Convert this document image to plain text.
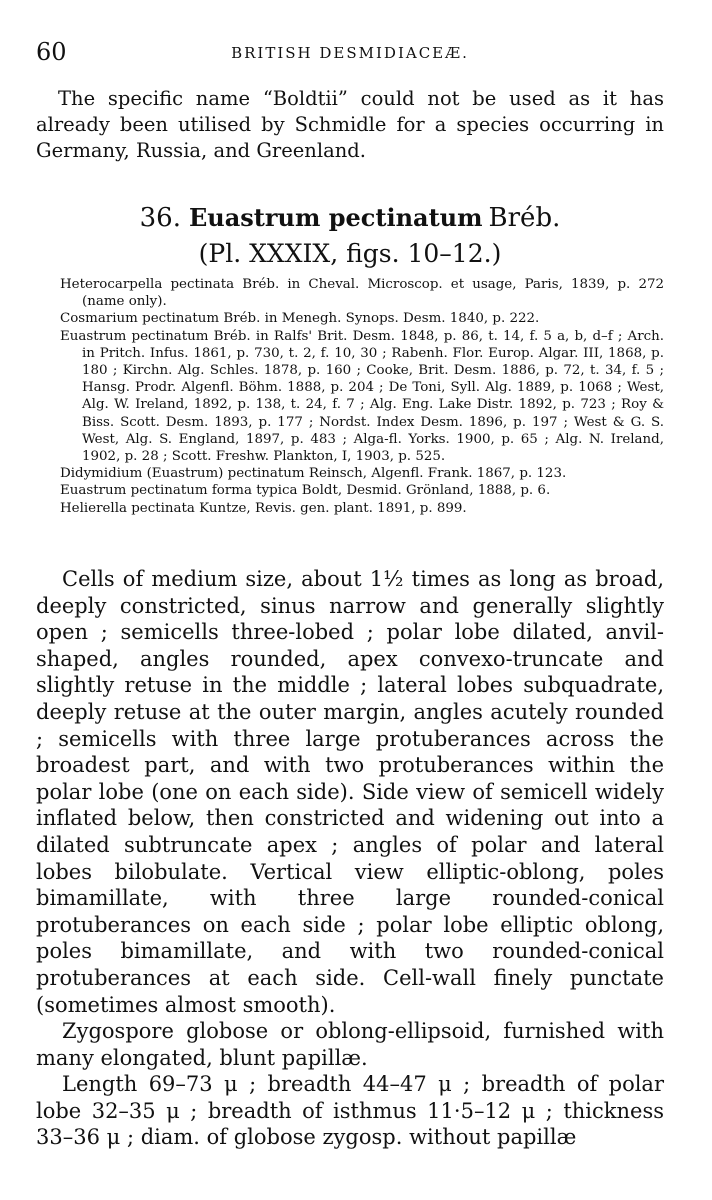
60	BRITISH DESMIDIACEÆ.

The specific name “Boldtii” could not be used as it has already been utilised by Schmidle for a species occurring in Germany, Russia, and Greenland.

36. Euastrum pectinatum Bréb.
(Pl. XXXIX, figs. 10–12.)
Heterocarpella pectinata Bréb. in Cheval. Microscop. et usage, Paris, 1839, p. 272 (name only).
Cosmarium pectinatum Bréb. in Menegh. Synops. Desm. 1840, p. 222.
Euastrum pectinatum Bréb. in Ralfs' Brit. Desm. 1848, p. 86, t. 14, f. 5 a, b, d–f ; Arch. in Pritch. Infus. 1861, p. 730, t. 2, f. 10, 30 ; Rabenh. Flor. Europ. Algar. III, 1868, p. 180 ; Kirchn. Alg. Schles. 1878, p. 160 ; Cooke, Brit. Desm. 1886, p. 72, t. 34, f. 5 ; Hansg. Prodr. Algenfl. Böhm. 1888, p. 204 ; De Toni, Syll. Alg. 1889, p. 1068 ; West, Alg. W. Ireland, 1892, p. 138, t. 24, f. 7 ; Alg. Eng. Lake Distr. 1892, p. 723 ; Roy & Biss. Scott. Desm. 1893, p. 177 ; Nordst. Index Desm. 1896, p. 197 ; West & G. S. West, Alg. S. England, 1897, p. 483 ; Alga-fl. Yorks. 1900, p. 65 ; Alg. N. Ireland, 1902, p. 28 ; Scott. Freshw. Plankton, I, 1903, p. 525.
Didymidium (Euastrum) pectinatum Reinsch, Algenfl. Frank. 1867, p. 123.
Euastrum pectinatum forma typica Boldt, Desmid. Grönland, 1888, p. 6.
Helierella pectinata Kuntze, Revis. gen. plant. 1891, p. 899.

Cells of medium size, about 1½ times as long as broad, deeply constricted, sinus narrow and generally slightly open ; semicells three-lobed ; polar lobe dilated, anvil-shaped, angles rounded, apex convexo-truncate and slightly retuse in the middle ; lateral lobes subquadrate, deeply retuse at the outer margin, angles acutely rounded ; semicells with three large protuberances across the broadest part, and with two protuberances within the polar lobe (one on each side). Side view of semicell widely inflated below, then constricted and widening out into a dilated subtruncate apex ; angles of polar and lateral lobes bilobulate. Vertical view elliptic-oblong, poles bimamillate, with three large rounded-conical protuberances on each side ; polar lobe elliptic oblong, poles bimamillate, and with two rounded-conical protuberances at each side. Cell-wall finely punctate (sometimes almost smooth).

Zygospore globose or oblong-ellipsoid, furnished with many elongated, blunt papillæ.

Length 69–73 μ ; breadth 44–47 μ ; breadth of polar lobe 32–35 μ ; breadth of isthmus 11·5–12 μ ; thickness 33–36 μ ; diam. of globose zygosp. without papillæ
